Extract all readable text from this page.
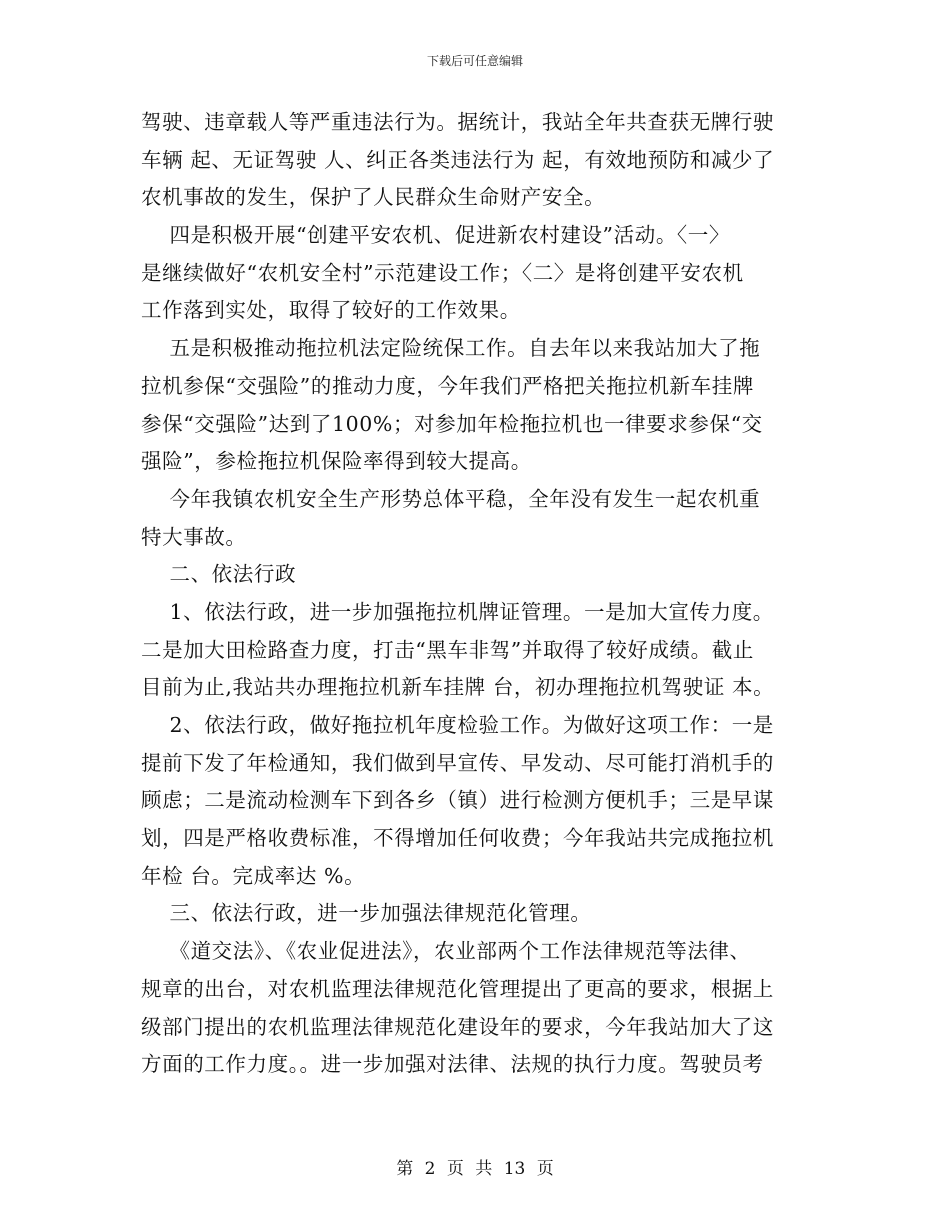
下载后可任意编辑
驾驶、违章载人等严重违法行为。据统计，我站全年共查获无牌行驶
车辆 起、无证驾驶 人、纠正各类违法行为 起，有效地预防和减少了
农机事故的发生，保护了人民群众生命财产安全。
四是积极开展“创建平安农机、促进新农村建设”活动。〈一〉
是继续做好“农机安全村”示范建设工作；〈二〉是将创建平安农机
工作落到实处，取得了较好的工作效果。
五是积极推动拖拉机法定险统保工作。自去年以来我站加大了拖
拉机参保“交强险”的推动力度，今年我们严格把关拖拉机新车挂牌
参保“交强险”达到了100%；对参加年检拖拉机也一律要求参保“交
强险”，参检拖拉机保险率得到较大提高。
今年我镇农机安全生产形势总体平稳，全年没有发生一起农机重
特大事故。
二、依法行政
1、依法行政，进一步加强拖拉机牌证管理。一是加大宣传力度。
二是加大田检路查力度，打击“黑车非驾”并取得了较好成绩。截止
目前为止,我站共办理拖拉机新车挂牌 台，初办理拖拉机驾驶证 本。
2、依法行政，做好拖拉机年度检验工作。为做好这项工作：一是
提前下发了年检通知，我们做到早宣传、早发动、尽可能打消机手的
顾虑；二是流动检测车下到各乡（镇）进行检测方便机手；三是早谋
划，四是严格收费标准，不得增加任何收费；今年我站共完成拖拉机
年检 台。完成率达 %。
三、依法行政，进一步加强法律规范化管理。
《道交法》、《农业促进法》，农业部两个工作法律规范等法律、
规章的出台，对农机监理法律规范化管理提出了更高的要求，根据上
级部门提出的农机监理法律规范化建设年的要求，今年我站加大了这
方面的工作力度。。进一步加强对法律、法规的执行力度。驾驶员考
第 2 页 共 13 页
